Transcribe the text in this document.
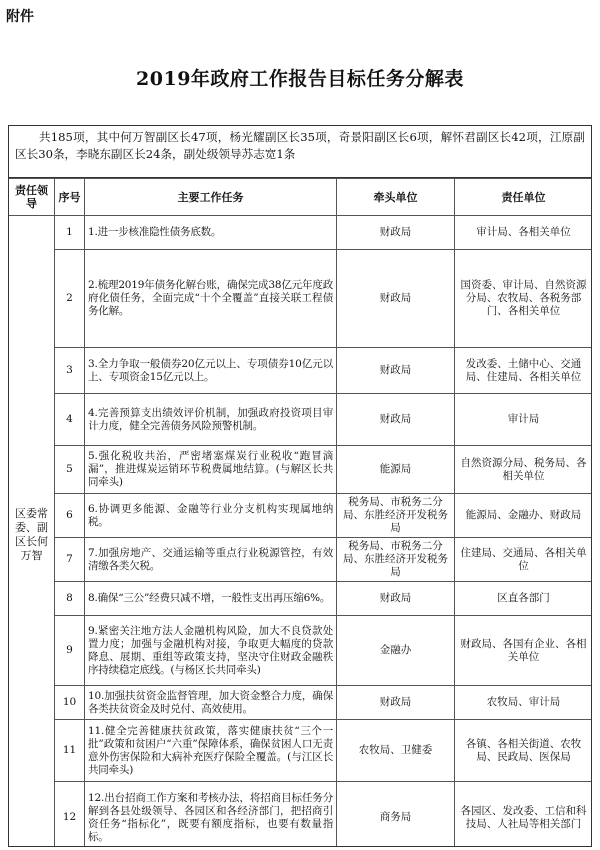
附件
2019年政府工作报告目标任务分解表
共185项，其中何万智副区长47项，杨光耀副区长35项，奇景阳副区长6项，解怀君副区长42项，江原副区长30条，李晓东副区长24条，副处级领导苏志宽1条
责任领导	序号	主要工作任务	牵头单位	责任单位
区委常委、副区长何万智	1	1.进一步核准隐性债务底数。	财政局	审计局、各相关单位
	2	2.梳理2019年债务化解台账，确保完成38亿元年度政府化债任务，全面完成“十个全覆盖”直接关联工程债务化解。	财政局	国资委、审计局、自然资源分局、农牧局、各税务部门、各相关单位
	3	3.全力争取一般债券20亿元以上、专项债券10亿元以上、专项资金15亿元以上。	财政局	发改委、土储中心、交通局、住建局、各相关单位
	4	4.完善预算支出绩效评价机制，加强政府投资项目审计力度，健全完善债务风险预警机制。	财政局	审计局
	5	5.强化税收共治，严密堵塞煤炭行业税收“跑冒滴漏”，推进煤炭运销环节税费属地结算。(与解区长共同牵头)	能源局	自然资源分局、税务局、各相关单位
	6	6.协调更多能源、金融等行业分支机构实现属地纳税。	税务局、市税务二分局、东胜经济开发税务局	能源局、金融办、财政局
	7	7.加强房地产、交通运输等重点行业税源管控，有效清缴各类欠税。	税务局、市税务二分局、东胜经济开发税务局	住建局、交通局、各相关单位
	8	8.确保“三公”经费只减不增，一般性支出再压缩6%。	财政局	区直各部门
	9	9.紧密关注地方法人金融机构风险，加大不良贷款处置力度；加强与金融机构对接，争取更大幅度的贷款降息、展期、重组等政策支持，坚决守住财政金融秩序持续稳定底线。(与杨区长共同牵头)	金融办	财政局、各国有企业、各相关单位
	10	10.加强扶贫资金监督管理，加大资金整合力度，确保各类扶贫资金及时兑付、高效使用。	财政局	农牧局、审计局
	11	11.健全完善健康扶贫政策，落实健康扶贫“三个一批”政策和贫困户“六重”保障体系，确保贫困人口无责意外伤害保险和大病补充医疗保险全覆盖。(与江区长共同牵头)	农牧局、卫健委	各镇、各相关街道、农牧局、民政局、医保局
	12	12.出台招商工作方案和考核办法，将招商目标任务分解到各县处级领导、各园区和各经济部门，把招商引资任务“指标化”，既要有额度指标，也要有数量指标。	商务局	各园区、发改委、工信和科技局、人社局等相关部门
